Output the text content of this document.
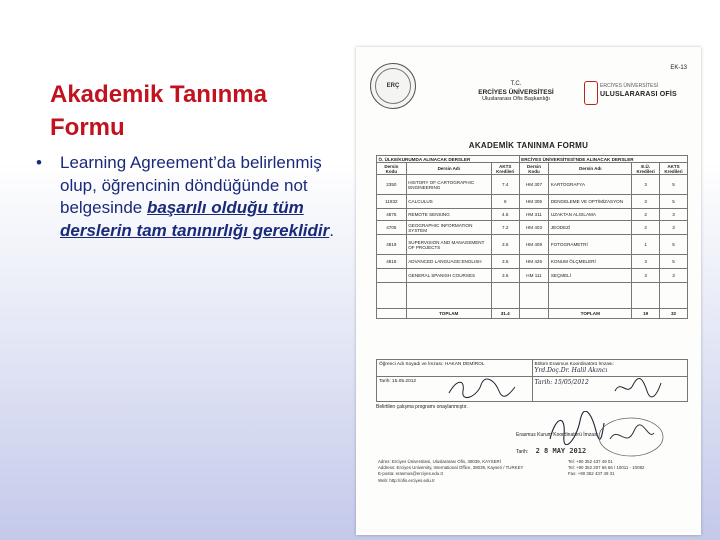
Akademik Tanınma Formu
• Learning Agreement’da belirlenmiş olup, öğrencinin döndüğünde not belgesinde başarılı olduğu tüm derslerin tam tanınırlığı gereklidir.
ERÇ
EK-13
T.C.
ERCİYES ÜNİVERSİTESİ
Uluslararası Ofis Başkanlığı
ERCİYES ÜNİVERSİTESİ
ULUSLARARASI OFİS
AKADEMİK TANINMA FORMU
Ö. ÜLKE/KURUMDA ALINACAK DERSLER			ERCİYES ÜNİVERSİTESİ'NDE ALINACAK DERSLER			
Dersin Kodu	Dersin Adı	AKTS Kredileri	Dersin Kodu	Dersin Adı	E.Ü. Kredileri	AKTS Kredileri
2350	HISTORY OF CARTOGRAPHIC ENGINEERING	7.4	HM 307	KARTOGRAFYA	3	5
11832	CALCULUS	6	HM 305	DENGELEME VE OPTİMİZASYON	3	5
4875	REMOTE SENSING	4.6	HM 311	UZAKTAN ALGILAMA	2	3
4705	GEOGRAPHIC INFORMATION SYSTEM	7.2	HM 403	JEODEZİ	2	3
4819	SUPERVISION AND MANAGEMENT OF PROJECTS	3.6	HM 409	FOTOGRAMETRİ	1	5
4818	ADVANCED LANGUAGE:ENGLISH	3.6	HM 425	KONUM ÖLÇMELERİ	3	5
	GENERAL SPANISH COURSES	3.6	HM 111	SEÇMELİ	3	3

	TOPLAM	31.4		TOPLAM	19	32
Öğrenci Adı Soyadı ve İmzası: HAKAN DEMİROL	Bölüm Erasmus Koordinatörü İmzası:
Yrd.Doç.Dr. Halil Akıncı
Tarih: 15.05.2012	Tarih: 15/05/2012
Belirtilen çalışma programı onaylanmıştır.
Erasmus Kurum Koordinatörü İmzası
Tarih: 2 8 MAY 2012
Adres: Erciyes Üniversitesi, Uluslararası Ofis, 38039, KAYSERİ
Address: Erciyes University, International Office, 38039, Kayseri / TURKEY
E-posta: erasmus@erciyes.edu.tr
Web: http://ofis.erciyes.edu.tr
Tel: +90 352 437 49 01
Tel: +90 352 207 66 66 / 10011 - 10082
Fax: +90 352 437 49 31
